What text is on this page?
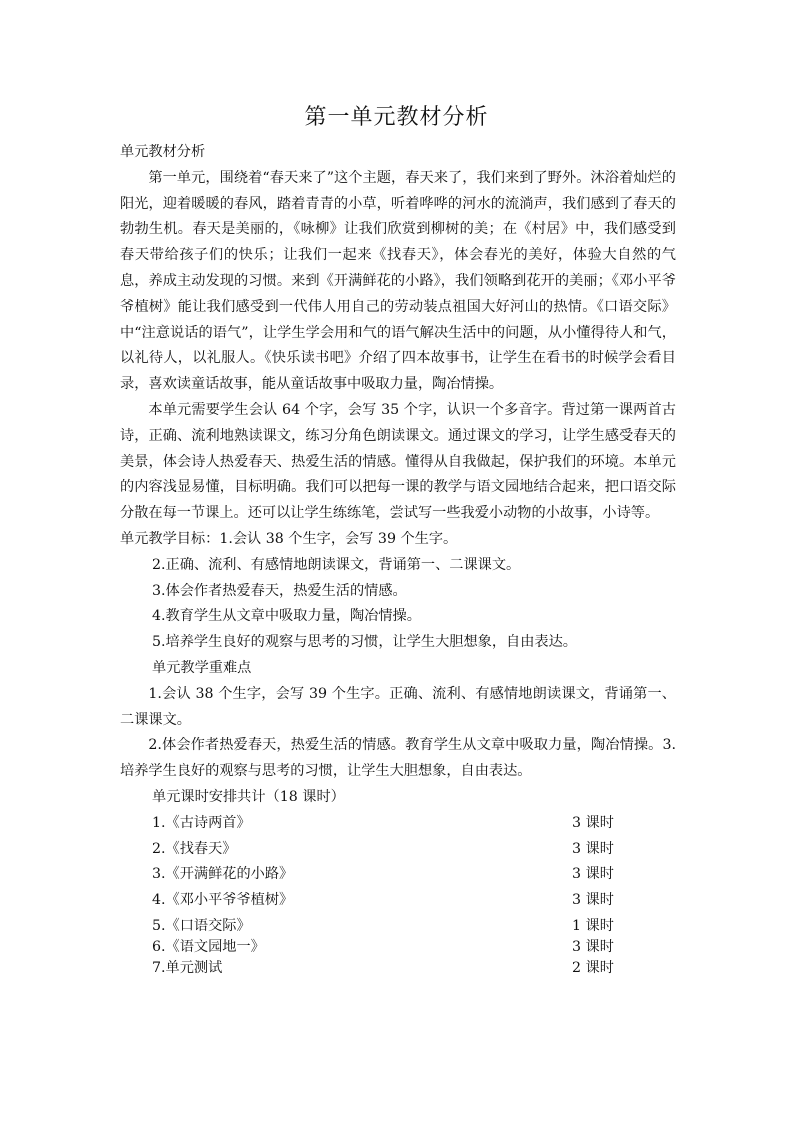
第一单元教材分析

单元教材分析

第一单元，围绕着“春天来了”这个主题，春天来了，我们来到了野外。沐浴着灿烂的阳光，迎着暖暖的春风，踏着青青的小草，听着哗哗的河水的流淌声，我们感到了春天的勃勃生机。春天是美丽的，《咏柳》让我们欣赏到柳树的美；在《村居》中，我们感受到春天带给孩子们的快乐；让我们一起来《找春天》，体会春光的美好，体验大自然的气息，养成主动发现的习惯。来到《开满鲜花的小路》，我们领略到花开的美丽；《邓小平爷爷植树》能让我们感受到一代伟人用自己的劳动装点祖国大好河山的热情。《口语交际》中“注意说话的语气”，让学生学会用和气的语气解决生活中的问题，从小懂得待人和气，以礼待人，以礼服人。《快乐读书吧》介绍了四本故事书，让学生在看书的时候学会看目录，喜欢读童话故事，能从童话故事中吸取力量，陶冶情操。

本单元需要学生会认 64 个字，会写 35 个字，认识一个多音字。背过第一课两首古诗，正确、流利地熟读课文，练习分角色朗读课文。通过课文的学习，让学生感受春天的美景，体会诗人热爱春天、热爱生活的情感。懂得从自我做起，保护我们的环境。本单元的内容浅显易懂，目标明确。我们可以把每一课的教学与语文园地结合起来，把口语交际分散在每一节课上。还可以让学生练练笔，尝试写一些我爱小动物的小故事，小诗等。

单元教学目标：1.会认 38 个生字，会写 39 个生字。

2.正确、流利、有感情地朗读课文，背诵第一、二课课文。

3.体会作者热爱春天，热爱生活的情感。

4.教育学生从文章中吸取力量，陶冶情操。

5.培养学生良好的观察与思考的习惯，让学生大胆想象，自由表达。

单元教学重难点

1.会认 38 个生字，会写 39 个生字。正确、流利、有感情地朗读课文，背诵第一、二课课文。

2.体会作者热爱春天，热爱生活的情感。教育学生从文章中吸取力量，陶冶情操。3.培养学生良好的观察与思考的习惯，让学生大胆想象，自由表达。

单元课时安排共计（18 课时）

1.《古诗两首》	3 课时
2.《找春天》	3 课时
3.《开满鲜花的小路》	3 课时
4.《邓小平爷爷植树》	3 课时
5.《口语交际》	1 课时
6.《语文园地一》	3 课时
7.单元测试	2 课时
